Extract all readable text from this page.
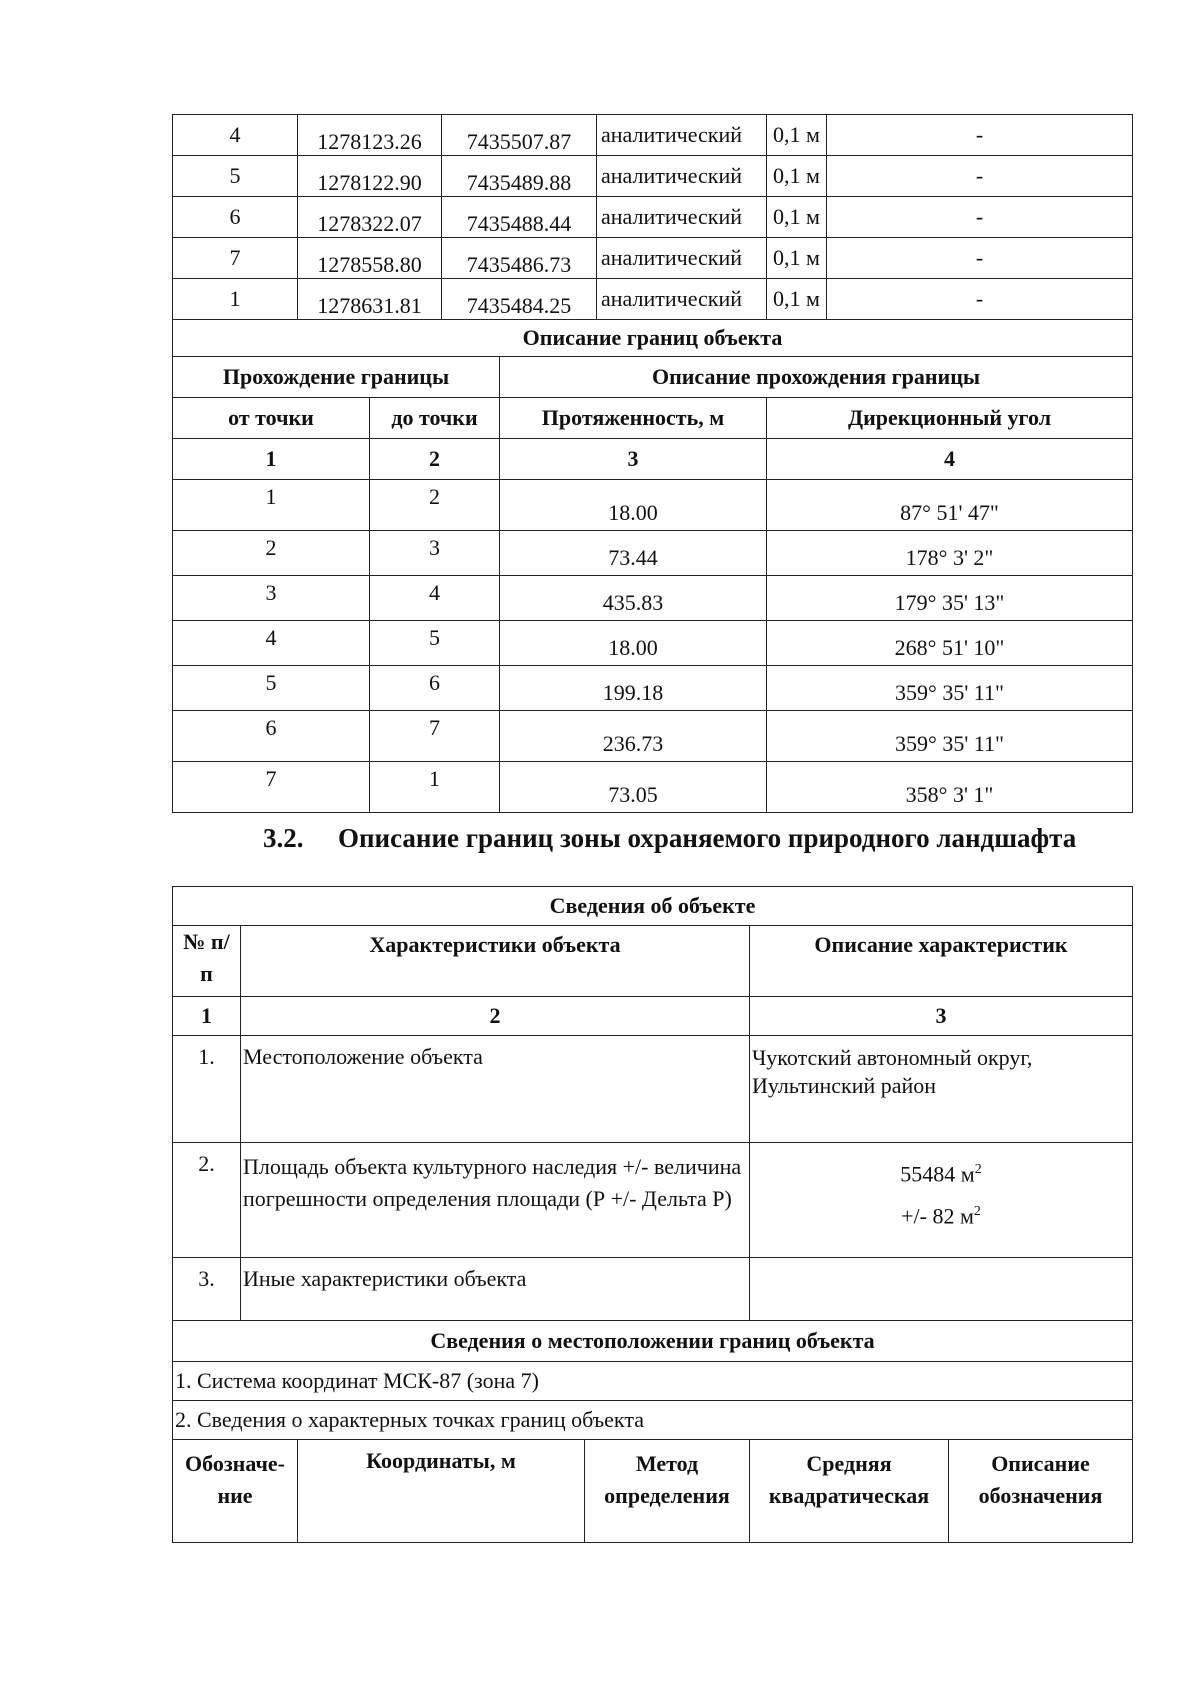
4	1278123.26		7435507.87		аналитический	0,1 м	-
5	1278122.90		7435489.88		аналитический	0,1 м	-
6	1278322.07		7435488.44		аналитический	0,1 м	-
7	1278558.80		7435486.73		аналитический	0,1 м	-
1	1278631.81		7435484.25		аналитический	0,1 м	-
Описание границ объекта							
Прохождение границы				Описание прохождения границы			
от точки		до точки		Протяженность, м		Дирекционный угол	
1		2		3		4	
1		2		18.00		87° 51' 47"	
2		3		73.44		178° 3' 2"	
3		4		435.83		179° 35' 13"	
4		5		18.00		268° 51' 10"	
5		6		199.18		359° 35' 11"	
6		7		236.73		359° 35' 11"	
7		1		73.05		358° 3' 1"	
3.2. Описание границ зоны охраняемого природного ландшафта
Сведения об объекте					
№ п/п	Характеристики объекта			Описание характеристик	
1	2			3	
1.	Местоположение объекта			Чукотский автономный округ,
Иультинский район	

2.	Площадь объекта культурного наследия +/- величина погрешности определения площади (Р +/- Дельта Р)			55484 $м^2$
+/- 82 $м^2$

3.	Иные характеристики объекта				
Сведения о местоположении границ объекта					
1. Система координат МСК-87 (зона 7)					
2. Сведения о характерных точках границ объекта					
Обозначе- ние		Координаты, м	Метод определения	Средняя квадратическая	Описание обозначения
